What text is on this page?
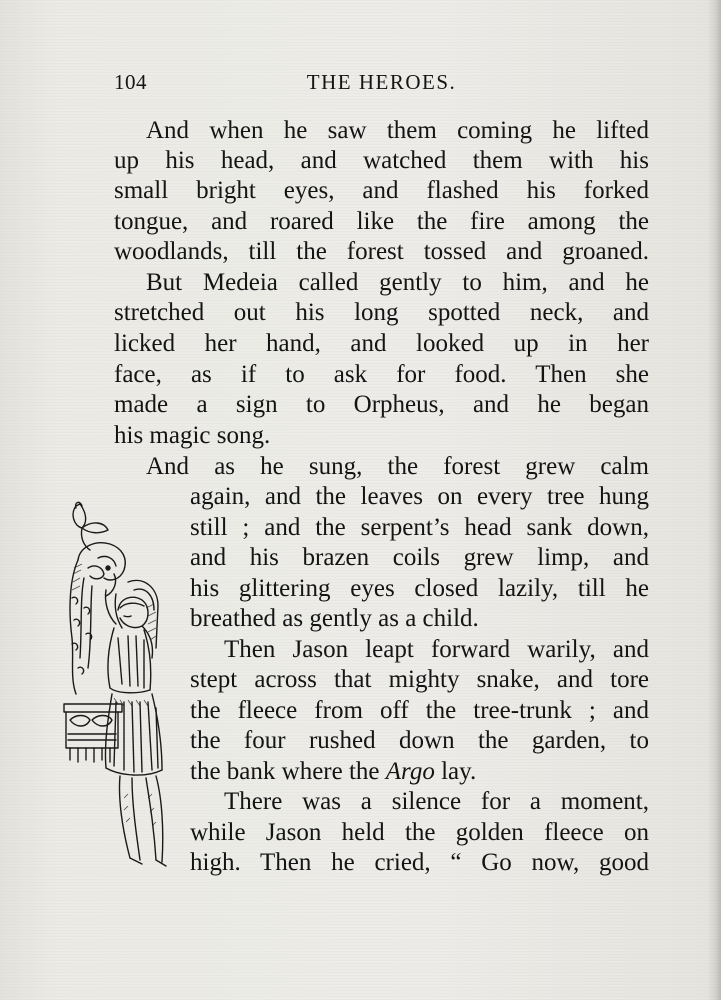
104	THE HEROES.
And when he saw them coming he lifted
up his head, and watched them with his
small bright eyes, and flashed his forked
tongue, and roared like the fire among the
woodlands, till the forest tossed and groaned.
But Medeia called gently to him, and he
stretched out his long spotted neck, and
licked her hand, and looked up in her
face, as if to ask for food. Then she
made a sign to Orpheus, and he began
his magic song.
And as he sung, the forest grew calm
again, and the leaves on every tree hung
still ; and the serpent’s head sank down,
and his brazen coils grew limp, and
his glittering eyes closed lazily, till he
breathed as gently as a child.
Then Jason leapt forward warily, and
stept across that mighty snake, and tore
the fleece from off the tree-trunk ; and
the four rushed down the garden, to
the bank where the Argo lay.
There was a silence for a moment,
while Jason held the golden fleece on
high. Then he cried, “ Go now, good
